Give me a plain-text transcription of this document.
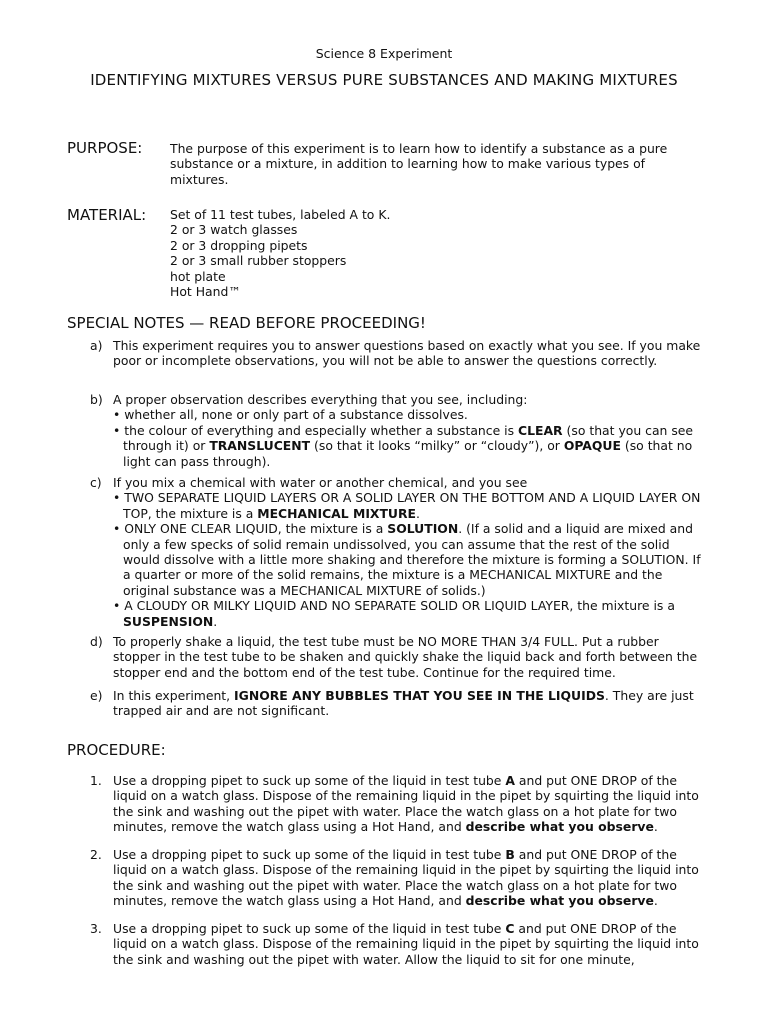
Science 8 Experiment
IDENTIFYING MIXTURES VERSUS PURE SUBSTANCES AND MAKING MIXTURES
PURPOSE: The purpose of this experiment is to learn how to identify a substance as a pure substance or a mixture, in addition to learning how to make various types of mixtures.
MATERIAL: Set of 11 test tubes, labeled A to K.
2 or 3 watch glasses
2 or 3 dropping pipets
2 or 3 small rubber stoppers
hot plate
Hot Hand™
SPECIAL NOTES — READ BEFORE PROCEEDING!
a) This experiment requires you to answer questions based on exactly what you see. If you make poor or incomplete observations, you will not be able to answer the questions correctly.
b) A proper observation describes everything that you see, including:
• whether all, none or only part of a substance dissolves.
• the colour of everything and especially whether a substance is CLEAR (so that you can see through it) or TRANSLUCENT (so that it looks “milky” or “cloudy”), or OPAQUE (so that no light can pass through).
c) If you mix a chemical with water or another chemical, and you see
• TWO SEPARATE LIQUID LAYERS OR A SOLID LAYER ON THE BOTTOM AND A LIQUID LAYER ON TOP, the mixture is a MECHANICAL MIXTURE.
• ONLY ONE CLEAR LIQUID, the mixture is a SOLUTION. (If a solid and a liquid are mixed and only a few specks of solid remain undissolved, you can assume that the rest of the solid would dissolve with a little more shaking and therefore the mixture is forming a SOLUTION. If a quarter or more of the solid remains, the mixture is a MECHANICAL MIXTURE and the original substance was a MECHANICAL MIXTURE of solids.)
• A CLOUDY OR MILKY LIQUID AND NO SEPARATE SOLID OR LIQUID LAYER, the mixture is a SUSPENSION.
d) To properly shake a liquid, the test tube must be NO MORE THAN 3/4 FULL. Put a rubber stopper in the test tube to be shaken and quickly shake the liquid back and forth between the stopper end and the bottom end of the test tube. Continue for the required time.
e) In this experiment, IGNORE ANY BUBBLES THAT YOU SEE IN THE LIQUIDS. They are just trapped air and are not significant.
PROCEDURE:
1. Use a dropping pipet to suck up some of the liquid in test tube A and put ONE DROP of the liquid on a watch glass. Dispose of the remaining liquid in the pipet by squirting the liquid into the sink and washing out the pipet with water. Place the watch glass on a hot plate for two minutes, remove the watch glass using a Hot Hand, and describe what you observe.
2. Use a dropping pipet to suck up some of the liquid in test tube B and put ONE DROP of the liquid on a watch glass. Dispose of the remaining liquid in the pipet by squirting the liquid into the sink and washing out the pipet with water. Place the watch glass on a hot plate for two minutes, remove the watch glass using a Hot Hand, and describe what you observe.
3. Use a dropping pipet to suck up some of the liquid in test tube C and put ONE DROP of the liquid on a watch glass. Dispose of the remaining liquid in the pipet by squirting the liquid into the sink and washing out the pipet with water. Allow the liquid to sit for one minute,
